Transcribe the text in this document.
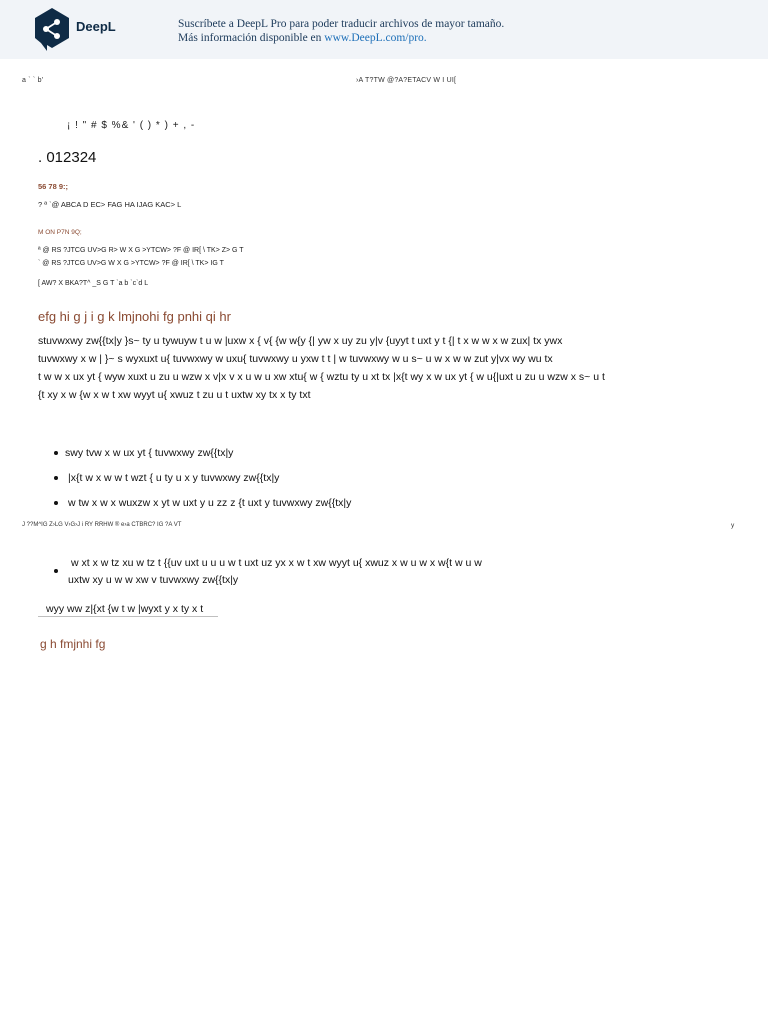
DeepL	Suscríbete a DeepL Pro para poder traducir archivos de mayor tamaño.
Más información disponible en www.DeepL.com/pro.
a ` ` b'	›A T?TW @?A?ETACV W I UI[
¡ ! " # $ %& ' ( ) * ) + , -
. 012324
56 78 9:;
? ª `@ ABCA D EC> FAG HA IJAG KAC> L
M ON P7N 9Q;
ª @ RS ?JTCG UV>G R> W X G >YTCW> ?F @ IR[ \ TK> Z> G T
` @ RS ?JTCG UV>G W X G >YTCW> ?F @ IR[ \ TK> IG T
[ AW? X BKA?T^ _S G T `a b `c`d L
efg hi g j i g k lmjnohi fg pnhi qi hr
stuvwxwy zw{{tx|y }s~ ty u tywuyw t u w |uxw x { v{ {w w{y {| yw x uy zu y|v {uyyt t uxt y t {| t x w w x w zux| tx ywx
tuvwxwy x w | }~ s wyxuxt u{ tuvwxwy w uxu{ tuvwxwy u yxw t t | w tuvwxwy w u s~ u w x w w zut y|vx wy wu tx
t w w x ux yt { wyw xuxt u zu u wzw x v|x v x u w u xw xtu{ w { wztu ty u xt tx |x{t wy x w ux yt { w u{|uxt u zu u wzw x s~ u t
{t xy x w {w x w t xw wyyt u{ xwuz t zu u t uxtw xy tx x ty txt
swy tvw x w ux yt { tuvwxwy zw{{tx|y
|x{t w x w w t wzt { u ty u x y tuvwxwy zw{{tx|y
w tw x w x wuxzw x yt w uxt y u zz z {t uxt y tuvwxwy zw{{tx|y
J ??M^IG Z›LG V›G›J i RY RRHW ® e›a CTBRC? IG ?A VT	y
w xt x w tz xu w tz t {{uv uxt u u u w t uxt uz yx x w t xw wyyt u{ xwuz x w u w x w{t w u w
uxtw xy u w w xw v tuvwxwy zw{{tx|y
wyy ww z|{xt {w t w |wyxt y x ty x t
g h fmjnhi fg
